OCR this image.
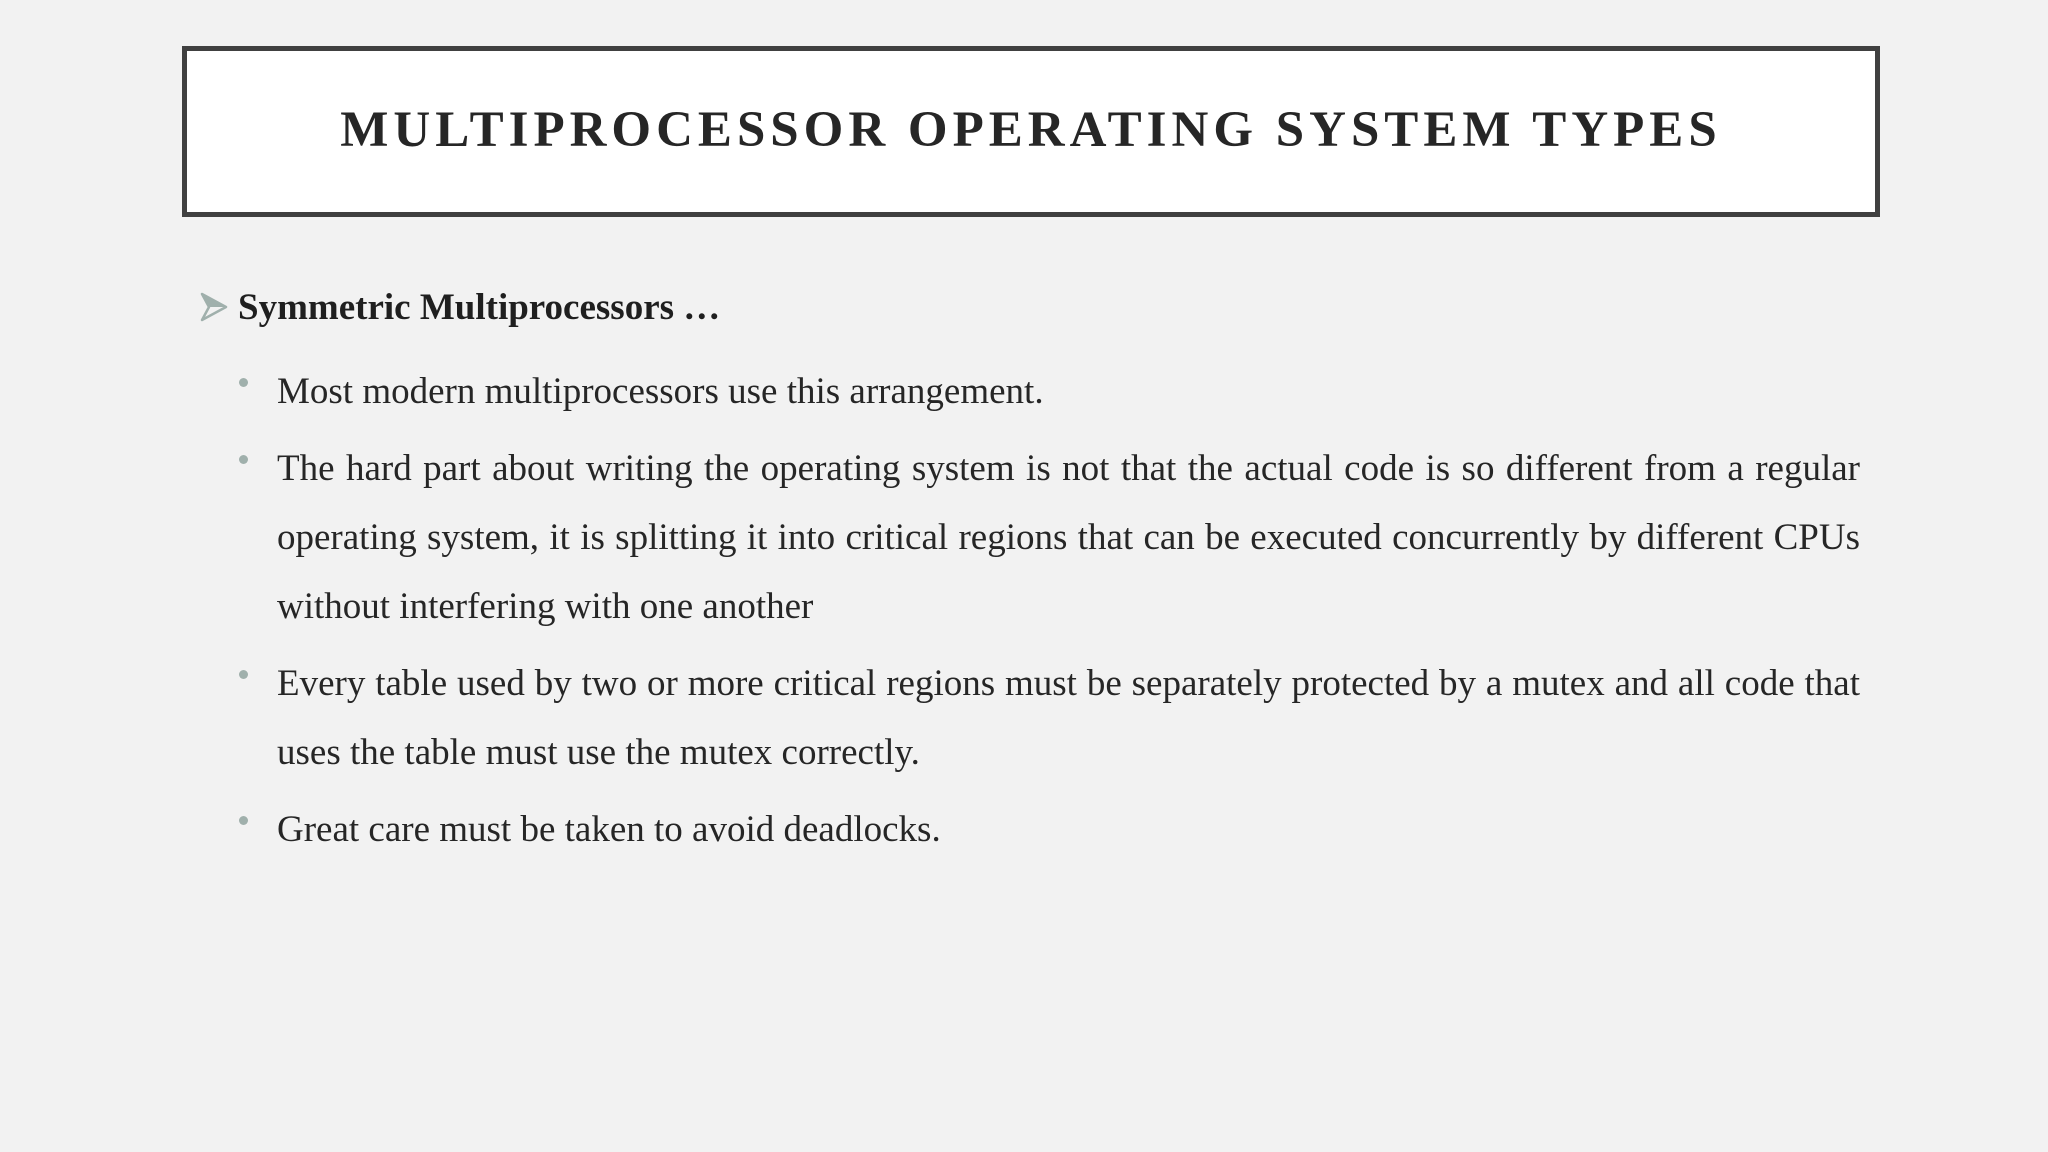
MULTIPROCESSOR OPERATING SYSTEM TYPES
Symmetric Multiprocessors …
Most modern multiprocessors use this arrangement.
The hard part about writing the operating system is not that the actual code is so different from a regular operating system, it is splitting it into critical regions that can be executed concurrently by different CPUs without interfering with one another
Every table used by two or more critical regions must be separately protected by a mutex and all code that uses the table must use the mutex correctly.
Great care must be taken to avoid deadlocks.
